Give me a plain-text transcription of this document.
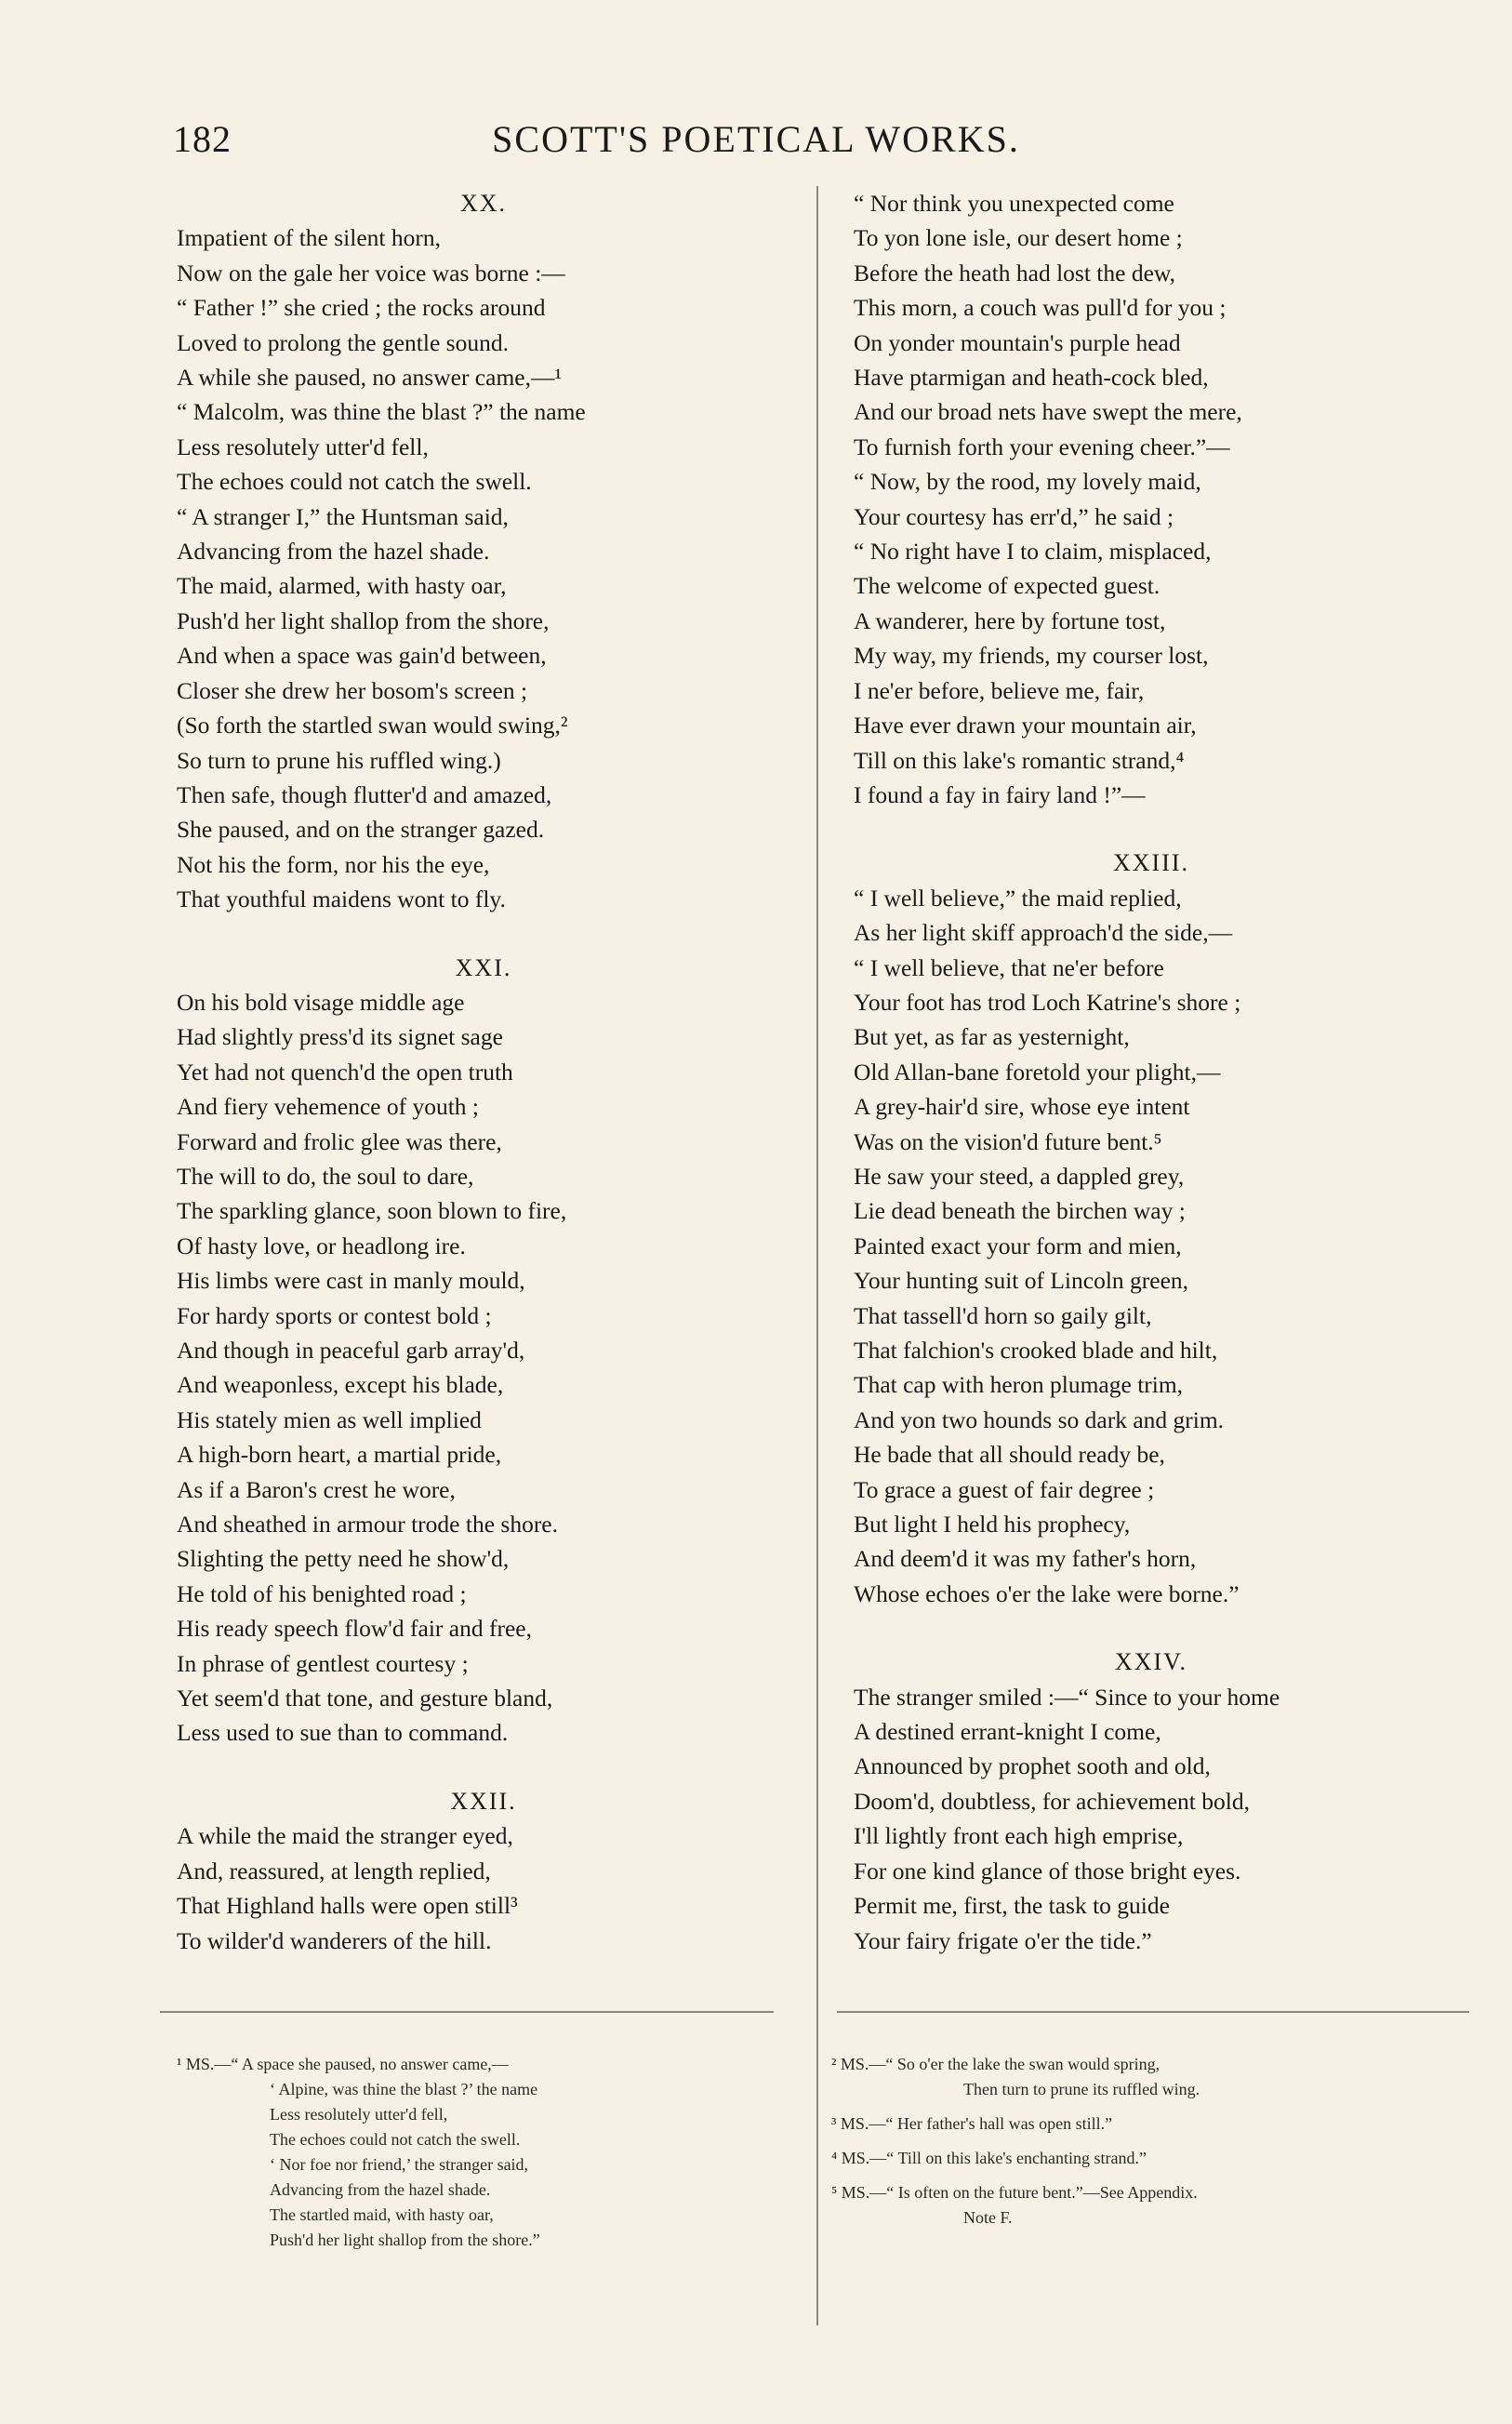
182	SCOTT'S POETICAL WORKS.
XX.
Impatient of the silent horn,
Now on the gale her voice was borne :—
“ Father !” she cried ; the rocks around
Loved to prolong the gentle sound.
A while she paused, no answer came,—¹
“ Malcolm, was thine the blast ?” the name
Less resolutely utter'd fell,
The echoes could not catch the swell.
“ A stranger I,” the Huntsman said,
Advancing from the hazel shade.
The maid, alarmed, with hasty oar,
Push'd her light shallop from the shore,
And when a space was gain'd between,
Closer she drew her bosom's screen ;
(So forth the startled swan would swing,²
So turn to prune his ruffled wing.)
Then safe, though flutter'd and amazed,
She paused, and on the stranger gazed.
Not his the form, nor his the eye,
That youthful maidens wont to fly.
XXI.
On his bold visage middle age
Had slightly press'd its signet sage
Yet had not quench'd the open truth
And fiery vehemence of youth ;
Forward and frolic glee was there,
The will to do, the soul to dare,
The sparkling glance, soon blown to fire,
Of hasty love, or headlong ire.
His limbs were cast in manly mould,
For hardy sports or contest bold ;
And though in peaceful garb array'd,
And weaponless, except his blade,
His stately mien as well implied
A high-born heart, a martial pride,
As if a Baron's crest he wore,
And sheathed in armour trode the shore.
Slighting the petty need he show'd,
He told of his benighted road ;
His ready speech flow'd fair and free,
In phrase of gentlest courtesy ;
Yet seem'd that tone, and gesture bland,
Less used to sue than to command.
XXII.
A while the maid the stranger eyed,
And, reassured, at length replied,
That Highland halls were open still³
To wilder'd wanderers of the hill.
“ Nor think you unexpected come
To yon lone isle, our desert home ;
Before the heath had lost the dew,
This morn, a couch was pull'd for you ;
On yonder mountain's purple head
Have ptarmigan and heath-cock bled,
And our broad nets have swept the mere,
To furnish forth your evening cheer.”—
“ Now, by the rood, my lovely maid,
Your courtesy has err'd,” he said ;
“ No right have I to claim, misplaced,
The welcome of expected guest.
A wanderer, here by fortune tost,
My way, my friends, my courser lost,
I ne'er before, believe me, fair,
Have ever drawn your mountain air,
Till on this lake's romantic strand,⁴
I found a fay in fairy land !”—
XXIII.
“ I well believe,” the maid replied,
As her light skiff approach'd the side,—
“ I well believe, that ne'er before
Your foot has trod Loch Katrine's shore ;
But yet, as far as yesternight,
Old Allan-bane foretold your plight,—
A grey-hair'd sire, whose eye intent
Was on the vision'd future bent.⁵
He saw your steed, a dappled grey,
Lie dead beneath the birchen way ;
Painted exact your form and mien,
Your hunting suit of Lincoln green,
That tassell'd horn so gaily gilt,
That falchion's crooked blade and hilt,
That cap with heron plumage trim,
And yon two hounds so dark and grim.
He bade that all should ready be,
To grace a guest of fair degree ;
But light I held his prophecy,
And deem'd it was my father's horn,
Whose echoes o'er the lake were borne.”
XXIV.
The stranger smiled :—“ Since to your home
A destined errant-knight I come,
Announced by prophet sooth and old,
Doom'd, doubtless, for achievement bold,
I'll lightly front each high emprise,
For one kind glance of those bright eyes.
Permit me, first, the task to guide
Your fairy frigate o'er the tide.”
¹ MS.—“ A space she paused, no answer came,—
‘ Alpine, was thine the blast ?’ the name
Less resolutely utter'd fell,
The echoes could not catch the swell.
‘ Nor foe nor friend,’ the stranger said,
Advancing from the hazel shade.
The startled maid, with hasty oar,
Push'd her light shallop from the shore.”
² MS.—“ So o'er the lake the swan would spring,
Then turn to prune its ruffled wing.
³ MS.—“ Her father's hall was open still.”
⁴ MS.—“ Till on this lake's enchanting strand.”
⁵ MS.—“ Is often on the future bent.”—See Appendix.
Note F.
